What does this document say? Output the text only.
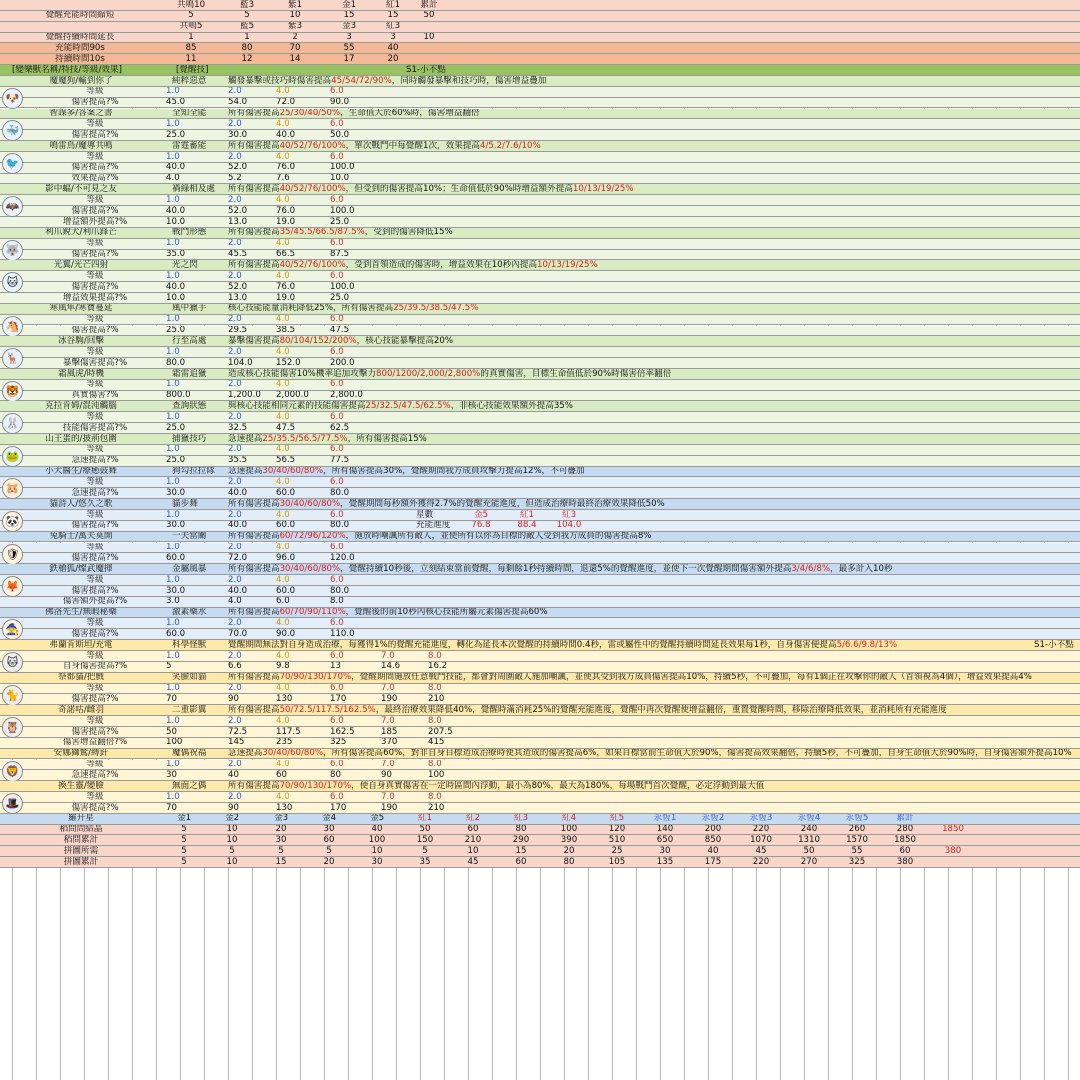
共鳴10	藍3	紫1	金1	紅1	累計
覺醒充能時間縮短	5	5	10	15	15	50
共鳴5	藍5	紫3	金3	紅3
覺醒持續時間延長	1	1	2	3	3	10
充能時間90s	85	80	70	55	40
持續時間10s	11	12	14	17	20
[變樂獸名稱/特技/等級/效果]	[覺醒技]	S1-小不點
魔魔狗/輸到你了	純粹惡意	觸發暴擊或技巧時傷害提高 45/54/72/90% ，同時觸發暴擊和技巧時，傷害增益疊加
等級	1.0	2.0	4.0	6.0
傷害提高?%	45.0	54.0	72.0	90.0
🐶
智謀多/答案之書	全知全能	所有傷害提高 25/30/40/50% ，生命值大於60%時，傷害增益翻倍
等級	1.0	2.0	4.0	6.0
傷害提高?%	25.0	30.0	40.0	50.0
🐳
鳴雷鳥/魔導共鳴	雷霆蓄能	所有傷害提高 40/52/76/100% ，單次戰鬥中每覺醒1次，效果提高 4/5.2/7.6/10%
等級	1.0	2.0	4.0	6.0
傷害提高?%	40.0	52.0	76.0	100.0
效果提高?%	4.0	5.2	7.6	10.0
🐦
影中蝠/不可見之友	禍綠相及處	所有傷害提高 40/52/76/100% ，但受到的傷害提高10%；生命值低於90%時增益額外提高 10/13/19/25%
等級	1.0	2.0	4.0	6.0
傷害提高?%	40.0	52.0	76.0	100.0
增益額外提高?%	10.0	13.0	19.0	25.0
🦇
利爪銳犬/利爪鋒芒	戰鬥形態	所有傷害提高 35/45.5/66.5/87.5% ，受到的傷害降低15%
等級	1.0	2.0	4.0	6.0
傷害提高?%	35.0	45.5	66.5	87.5
🐺
光翼/光芒四射	光之閃	所有傷害提高 40/52/76/100% ，受到首領造成的傷害時，增益效果在10秒內提高 10/13/19/25%
等級	1.0	2.0	4.0	6.0
傷害提高?%	40.0	52.0	76.0	100.0
增益效果提高?%	10.0	13.0	19.0	25.0
🐱
寒風隼/寒寶蔓延	風中獵手	核心技能能量消耗降低25%，所有傷害提高 25/39.5/38.5/47.5%
等級	1.0	2.0	4.0	6.0
傷害提高?%	25.0	29.5	38.5	47.5
🐴
冰谷駒/回擊	行至高處	暴擊傷害提高 80/104/152/200% ，核心技能暴擊提高20%
等級	1.0	2.0	4.0	6.0
暴擊傷害提高?%	80.0	104.0	152.0	200.0
🦌
霜風虎/時機	霜雷追獵	造成核心技能傷害10%機率追加攻擊力 800/1200/2,000/2,800% 的真實傷害，目標生命值低於90%時傷害倍率翻倍
等級	1.0	2.0	4.0	6.0
真實傷害?%	800.0	1,200.0	2,000.0	2,800.0
🐯
克拉肯姆/混沌觸腦	查詢狀態	與核心技能相同元素的技能傷害提高 25/32.5/47.5/62.5% ，非核心技能效果額外提高35%
等級	1.0	2.0	4.0	6.0
技能傷害提高?%	25.0	32.5	47.5	62.5
🐰
山王蛋的/披荊包圍	捕獵技巧	急速提高 25/35.5/56.5/77.5% ，所有傷害提高15%
等級	1.0	2.0	4.0	6.0
急速提高?%	25.0	35.5	56.5	77.5
🐸
小犬醫生/療癒鼓舞	狗勾拉拉隊	急速提高 30/40/60/80% ，所有傷害提高30%，覺醒期間我方成員攻擊力提高12%，不可疊加
等級	1.0	2.0	4.0	6.0
急速提高?%	30.0	40.0	60.0	80.0
🐹
貓詩人/悠久之歌	貓步舞	所有傷害提高 30/40/60/80% ，覺醒期間每秒額外獲得2.7%的覺醒充能進度，但造成治療時最終治療效果降低50%
等級	1.0	2.0	4.0	6.0	星數	金5	紅1	紅3
傷害提高?%	30.0	40.0	60.0	80.0	充能進度	76.8	88.4	104.0
🐼
兔騎士/萬夫莫開	一夫當關	所有傷害提高 60/72/96/120% ，施放時嘲諷所有敵人，並使所有以你為目標的敵人受到我方成員的傷害提高8%
等級	1.0	2.0	4.0	6.0
傷害提高?%	60.0	72.0	96.0	120.0
🛡
鉄槍狐/燦武魔揮	金屬風暴	所有傷害提高 30/40/60/80% ，覺醒持續10秒後，立刻結束當前覺醒，每剩餘1秒持續時間，退還5%的覺醒進度，並使下一次覺醒期間傷害額外提高 3/4/6/8% ，最多計入10秒
等級	1.0	2.0	4.0	6.0
傷害提高?%	30.0	40.0	60.0	80.0
傷害額外提高?%	3.0	4.0	6.0	8.0
🦊
佛洛先生/無暇秘藥	激素藥水	所有傷害提高 60/70/90/110% ，覺醒後的前10秒內核心技能所屬元素傷害提高60%
等級	1.0	2.0	4.0	6.0
傷害提高?%	60.0	70.0	90.0	110.0
🧙
弗蘭肯斯坦/充電	科學怪獸	覺醒期間無法對自身造成治療，每獲得1%的覺醒充能進度，轉化為延長本次覺醒的持續時間0.4秒，雷或屬性中的覺醒持續時間延長效果每1秒，自身傷害便提高 5/6.6/9.8/13%	S1-小不點
等級	1.0	2.0	4.0	6.0	7.0	8.0
自身傷害提高?%	5	6.6	9.8	13	14.6	16.2
🐱
祭都貓/把戲	笑臉如貓	所有傷害提高 70/90/130/170% ，覺醒期間施放任意戰鬥技能，都會對周圍敵人施加嘲諷，並使其受到我方成員傷害提高10%，持續5秒，不可疊加，每有1個正在攻擊你的敵人（首領視為4個），增益效果提高4%
等級	1.0	2.0	4.0	6.0	7.0	8.0
傷害提高?%	70	90	130	170	190	210
🐈
奇諾咕/雌羽	二重影翼	所有傷害提高 50/72.5/117.5/162.5% ，最終治療效果降低40%，覺醒時滿消耗25%的覺醒充能進度，覺醒中再次覺醒使增益翻倍，重置覺醒時間，移除治療降低效果，並消耗所有充能進度
等級	1.0	2.0	4.0	6.0	7.0	8.0
傷害提高?%	50	72.5	117.5	162.5	185	207.5
傷害增益翻倍?%	100	145	235	325	370	415
🦉
安娜獅鷲/縛針	魔偶祝福	急速提高 30/40/60/80% ，所有傷害提高60%，對非自身目標造成治療時使其造成的傷害提高6%，如果目標當前生命值大於90%，傷害提高效果翻倍，持續5秒，不可疊加，自身生命值大於90%時，自身傷害額外提高10%
等級	1.0	2.0	4.0	6.0	7.0	8.0
急速提高?%	30	40	60	80	90	100
🦁
換生靈/變臉	無面之偶	所有傷害提高 70/90/130/170% ，使自身真實傷害在一定時區間內浮動，最小為80%，最大為180%，每場戰鬥首次覺醒，必定浮動到最大值
等級	1.0	2.0	4.0	6.0	7.0	8.0
傷害提高?%	70	90	130	170	190	210
🎩
羅升星	金1	金2	金3	金4	金5	紅1	紅2	紅3	紅4	紅5	永恆1	永恆2	永恆3	永恆4	永恆5	累計
稻問問結晶	5	10	20	30	40	50	60	80	100	120	140	200	220	240	260	280	1850
稻問累計	5	10	30	60	100	150	210	290	390	510	650	850	1070	1310	1570	1850
拼圖所需	5	5	5	5	10	5	10	15	20	25	30	40	45	50	55	60	380
拼圖累計	5	10	15	20	30	35	45	60	80	105	135	175	220	270	325	380
